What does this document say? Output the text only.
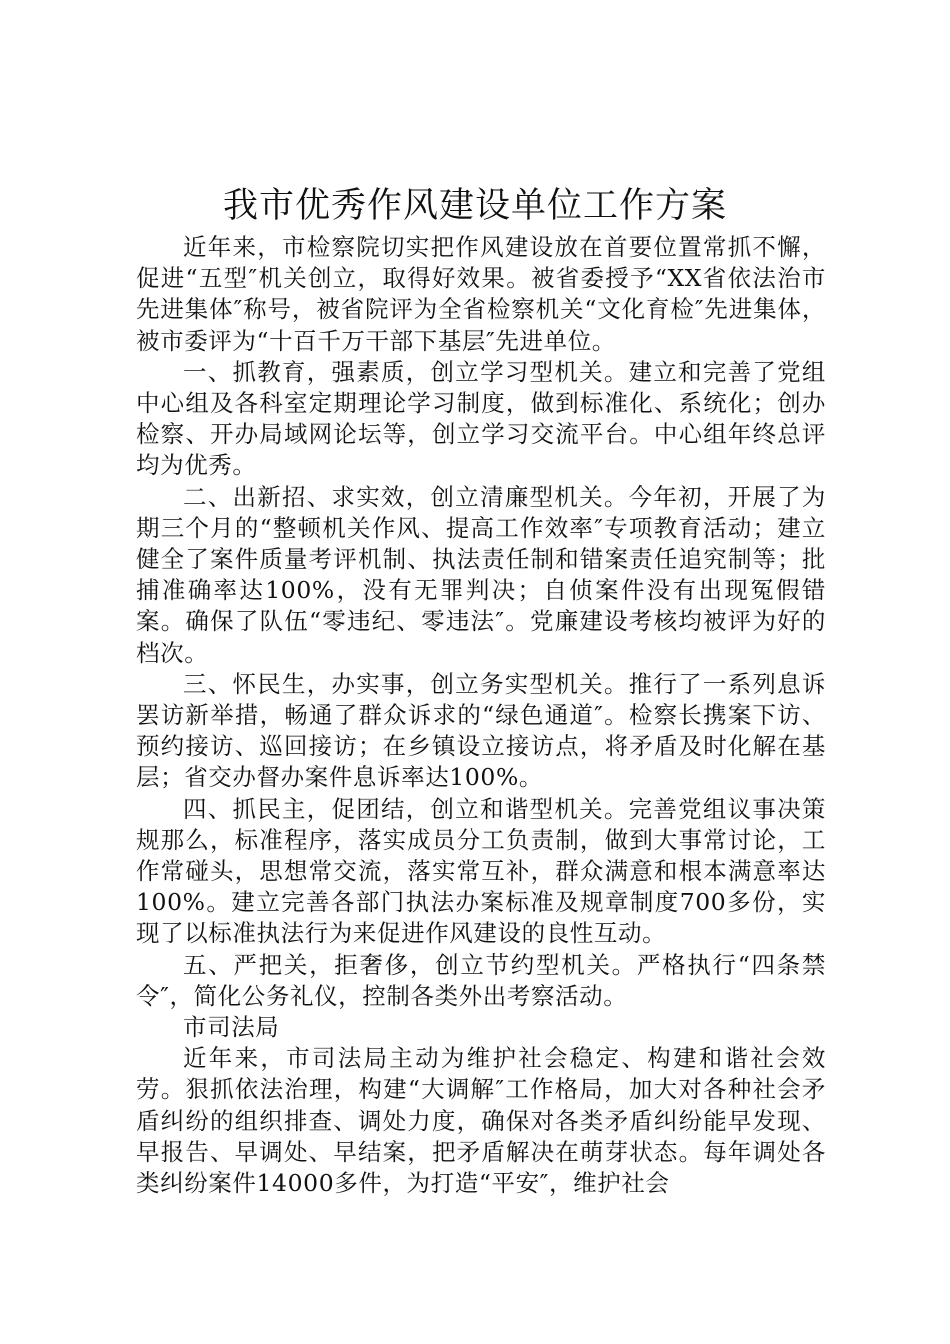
我市优秀作风建设单位工作方案

近年来，市检察院切实把作风建设放在首要位置常抓不懈，促进“五型″机关创立，取得好效果。被省委授予“XX省依法治市先进集体″称号，被省院评为全省检察机关“文化育检″先进集体，被市委评为“十百千万干部下基层″先进单位。

一、抓教育，强素质，创立学习型机关。建立和完善了党组中心组及各科室定期理论学习制度，做到标准化、系统化；创办检察、开办局域网论坛等，创立学习交流平台。中心组年终总评均为优秀。

二、出新招、求实效，创立清廉型机关。今年初，开展了为期三个月的“整顿机关作风、提高工作效率″专项教育活动；建立健全了案件质量考评机制、执法责任制和错案责任追究制等；批捕准确率达100%，没有无罪判决；自侦案件没有出现冤假错案。确保了队伍“零违纪、零违法″。党廉建设考核均被评为好的档次。

三、怀民生，办实事，创立务实型机关。推行了一系列息诉罢访新举措，畅通了群众诉求的“绿色通道″。检察长携案下访、预约接访、巡回接访；在乡镇设立接访点，将矛盾及时化解在基层；省交办督办案件息诉率达100%。

四、抓民主，促团结，创立和谐型机关。完善党组议事决策规那么，标准程序，落实成员分工负责制，做到大事常讨论，工作常碰头，思想常交流，落实常互补，群众满意和根本满意率达100%。建立完善各部门执法办案标准及规章制度700多份，实现了以标准执法行为来促进作风建设的良性互动。

五、严把关，拒奢侈，创立节约型机关。严格执行“四条禁令″，简化公务礼仪，控制各类外出考察活动。

市司法局

近年来，市司法局主动为维护社会稳定、构建和谐社会效劳。狠抓依法治理，构建“大调解″工作格局，加大对各种社会矛盾纠纷的组织排查、调处力度，确保对各类矛盾纠纷能早发现、早报告、早调处、早结案，把矛盾解决在萌芽状态。每年调处各类纠纷案件14000多件，为打造“平安″，维护社会
